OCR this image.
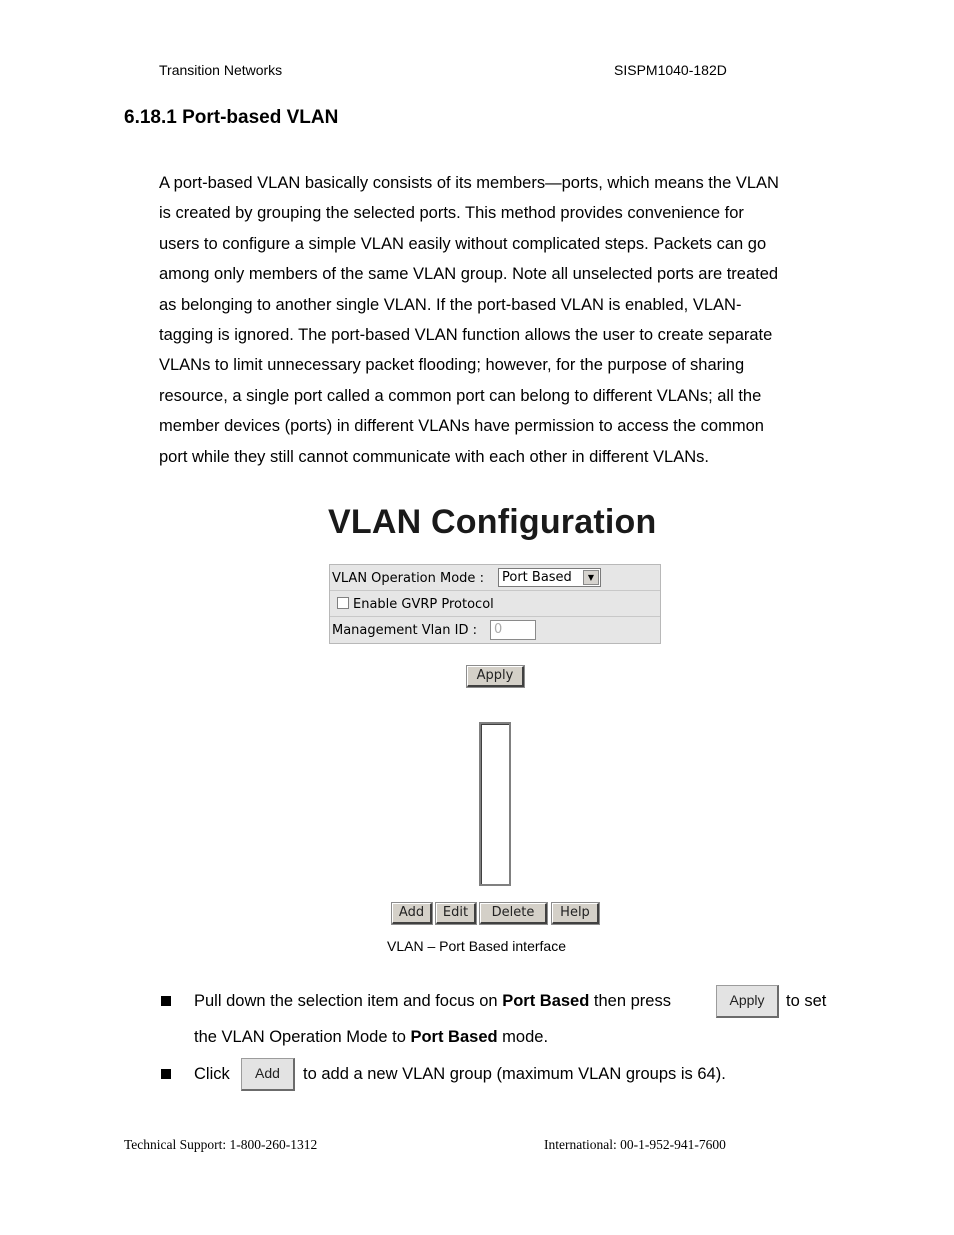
Transition Networks	SISPM1040-182D
6.18.1 Port-based VLAN
A port-based VLAN basically consists of its members—ports, which means the VLAN
is created by grouping the selected ports. This method provides convenience for
users to configure a simple VLAN easily without complicated steps. Packets can go
among only members of the same VLAN group. Note all unselected ports are treated
as belonging to another single VLAN. If the port-based VLAN is enabled, VLAN-
tagging is ignored. The port-based VLAN function allows the user to create separate
VLANs to limit unnecessary packet flooding; however, for the purpose of sharing
resource, a single port called a common port can belong to different VLANs; all the
member devices (ports) in different VLANs have permission to access the common
port while they still cannot communicate with each other in different VLANs.
VLAN Configuration
VLAN Operation Mode : Port Based	▼
Enable GVRP Protocol
Management Vlan ID : 0
Apply
Add	Edit	Delete	Help
VLAN – Port Based interface
Pull down the selection item and focus on Port Based then press	Apply	to set
the VLAN Operation Mode to Port Based mode.
Click	Add	to add a new VLAN group (maximum VLAN groups is 64).
Technical Support: 1-800-260-1312	International: 00-1-952-941-7600
